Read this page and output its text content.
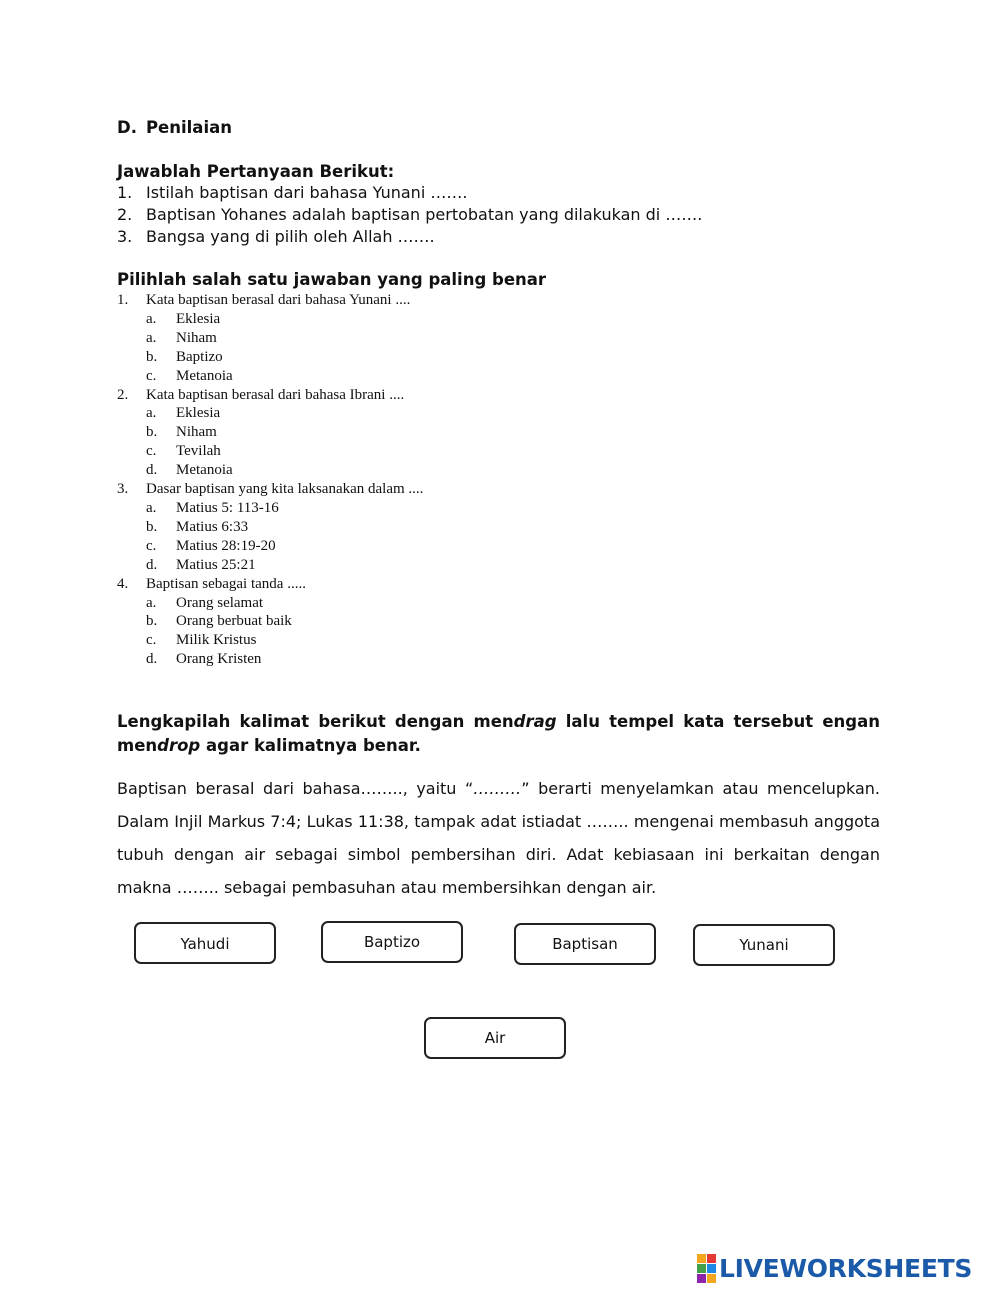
D. Penilaian
Jawablah Pertanyaan Berikut:
1. Istilah baptisan dari bahasa Yunani …….
2. Baptisan Yohanes adalah baptisan pertobatan yang dilakukan di …….
3. Bangsa yang di pilih oleh Allah …….
Pilihlah salah satu jawaban yang paling benar
1.	Kata baptisan berasal dari bahasa Yunani ....
a.	Eklesia
a.	Niham
b.	Baptizo
c.	Metanoia
2.	Kata baptisan berasal dari bahasa Ibrani ....
a.	Eklesia
b.	Niham
c.	Tevilah
d.	Metanoia
3.	Dasar baptisan yang kita laksanakan dalam ....
a.	Matius 5: 113-16
b.	Matius 6:33
c.	Matius 28:19-20
d.	Matius 25:21
4.	Baptisan sebagai tanda .....
a.	Orang selamat
b.	Orang berbuat baik
c.	Milik Kristus
d.	Orang Kristen
Lengkapilah kalimat berikut dengan mendrag lalu tempel kata tersebut engan mendrop agar kalimatnya benar.
Baptisan berasal dari bahasa…….., yaitu “………” berarti menyelamkan atau mencelupkan. Dalam Injil Markus 7:4; Lukas 11:38, tampak adat istiadat …….. mengenai membasuh anggota tubuh dengan air sebagai simbol pembersihan diri. Adat kebiasaan ini berkaitan dengan makna …….. sebagai pembasuhan atau membersihkan dengan air.
Yahudi	Baptizo	Baptisan	Yunani
Air
LIVEWORKSHEETS
